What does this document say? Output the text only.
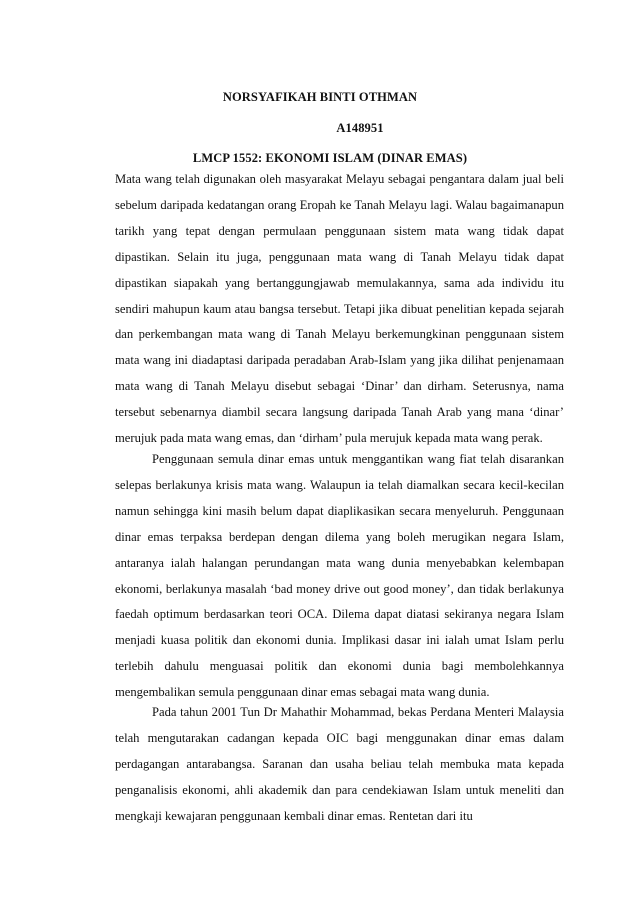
NORSYAFIKAH BINTI OTHMAN
A148951
LMCP 1552: EKONOMI ISLAM (DINAR EMAS)

Mata wang telah digunakan oleh masyarakat Melayu sebagai pengantara dalam jual beli sebelum daripada kedatangan orang Eropah ke Tanah Melayu lagi. Walau bagaimanapun tarikh yang tepat dengan permulaan penggunaan sistem mata wang tidak dapat dipastikan. Selain itu juga, penggunaan mata wang di Tanah Melayu tidak dapat dipastikan siapakah yang bertanggungjawab memulakannya, sama ada individu itu sendiri mahupun kaum atau bangsa tersebut. Tetapi jika dibuat penelitian kepada sejarah dan perkembangan mata wang di Tanah Melayu berkemungkinan penggunaan sistem mata wang ini diadaptasi daripada peradaban Arab-Islam yang jika dilihat penjenamaan mata wang di Tanah Melayu disebut sebagai ‘Dinar’ dan dirham. Seterusnya, nama tersebut sebenarnya diambil secara langsung daripada Tanah Arab yang mana ‘dinar’ merujuk pada mata wang emas, dan ‘dirham’ pula merujuk kepada mata wang perak.

Penggunaan semula dinar emas untuk menggantikan wang fiat telah disarankan selepas berlakunya krisis mata wang. Walaupun ia telah diamalkan secara kecil-kecilan namun sehingga kini masih belum dapat diaplikasikan secara menyeluruh. Penggunaan dinar emas terpaksa berdepan dengan dilema yang boleh merugikan negara Islam, antaranya ialah halangan perundangan mata wang dunia menyebabkan kelembapan ekonomi, berlakunya masalah ‘bad money drive out good money’, dan tidak berlakunya faedah optimum berdasarkan teori OCA. Dilema dapat diatasi sekiranya negara Islam menjadi kuasa politik dan ekonomi dunia. Implikasi dasar ini ialah umat Islam perlu terlebih dahulu menguasai politik dan ekonomi dunia bagi membolehkannya mengembalikan semula penggunaan dinar emas sebagai mata wang dunia.

Pada tahun 2001 Tun Dr Mahathir Mohammad, bekas Perdana Menteri Malaysia telah mengutarakan cadangan kepada OIC bagi menggunakan dinar emas dalam perdagangan antarabangsa. Saranan dan usaha beliau telah membuka mata kepada penganalisis ekonomi, ahli akademik dan para cendekiawan Islam untuk meneliti dan mengkaji kewajaran penggunaan kembali dinar emas. Rentetan dari itu
